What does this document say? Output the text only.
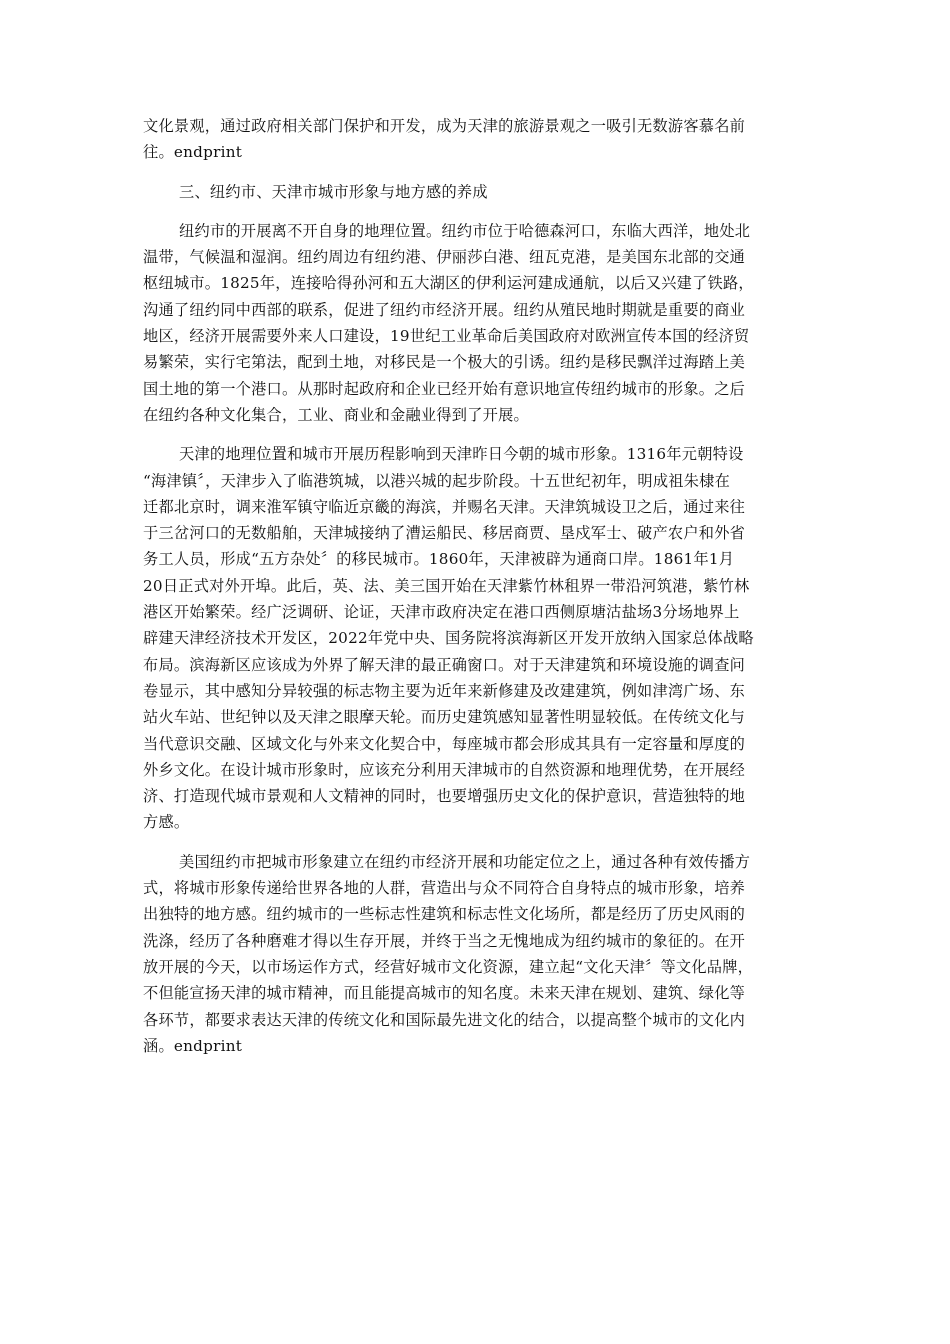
文化景观，通过政府相关部门保护和开发，成为天津的旅游景观之一吸引无数游客慕名前
往。endprint
三、纽约市、天津市城市形象与地方感的养成
纽约市的开展离不开自身的地理位置。纽约市位于哈德森河口，东临大西洋，地处北
温带，气候温和湿润。纽约周边有纽约港、伊丽莎白港、纽瓦克港，是美国东北部的交通
枢纽城市。1825年，连接哈得孙河和五大湖区的伊利运河建成通航，以后又兴建了铁路，
沟通了纽约同中西部的联系，促进了纽约市经济开展。纽约从殖民地时期就是重要的商业
地区，经济开展需要外来人口建设，19世纪工业革命后美国政府对欧洲宣传本国的经济贸
易繁荣，实行宅第法，配到土地，对移民是一个极大的引诱。纽约是移民飘洋过海踏上美
国土地的第一个港口。从那时起政府和企业已经开始有意识地宣传纽约城市的形象。之后
在纽约各种文化集合，工业、商业和金融业得到了开展。
天津的地理位置和城市开展历程影响到天津昨日今朝的城市形象。1316年元朝特设
“海津镇〞，天津步入了临港筑城，以港兴城的起步阶段。十五世纪初年，明成祖朱棣在
迁都北京时，调来淮军镇守临近京畿的海滨，并赐名天津。天津筑城设卫之后，通过来往
于三岔河口的无数船舶，天津城接纳了漕运船民、移居商贾、垦戍军士、破产农户和外省
务工人员，形成“五方杂处〞的移民城市。1860年，天津被辟为通商口岸。1861年1月
20日正式对外开埠。此后，英、法、美三国开始在天津紫竹林租界一带沿河筑港，紫竹林
港区开始繁荣。经广泛调研、论证，天津市政府决定在港口西侧原塘沽盐场3分场地界上
辟建天津经济技术开发区，2022年党中央、国务院将滨海新区开发开放纳入国家总体战略
布局。滨海新区应该成为外界了解天津的最正确窗口。对于天津建筑和环境设施的调查问
卷显示，其中感知分异较强的标志物主要为近年来新修建及改建建筑，例如津湾广场、东
站火车站、世纪钟以及天津之眼摩天轮。而历史建筑感知显著性明显较低。在传统文化与
当代意识交融、区域文化与外来文化契合中，每座城市都会形成其具有一定容量和厚度的
外乡文化。在设计城市形象时，应该充分利用天津城市的自然资源和地理优势，在开展经
济、打造现代城市景观和人文精神的同时，也要增强历史文化的保护意识，营造独特的地
方感。
美国纽约市把城市形象建立在纽约市经济开展和功能定位之上，通过各种有效传播方
式，将城市形象传递给世界各地的人群，营造出与众不同符合自身特点的城市形象，培养
出独特的地方感。纽约城市的一些标志性建筑和标志性文化场所，都是经历了历史风雨的
洗涤，经历了各种磨难才得以生存开展，并终于当之无愧地成为纽约城市的象征的。在开
放开展的今天，以市场运作方式，经营好城市文化资源，建立起“文化天津〞等文化品牌，
不但能宣扬天津的城市精神，而且能提高城市的知名度。未来天津在规划、建筑、绿化等
各环节，都要求表达天津的传统文化和国际最先进文化的结合，以提高整个城市的文化内
涵。endprint
